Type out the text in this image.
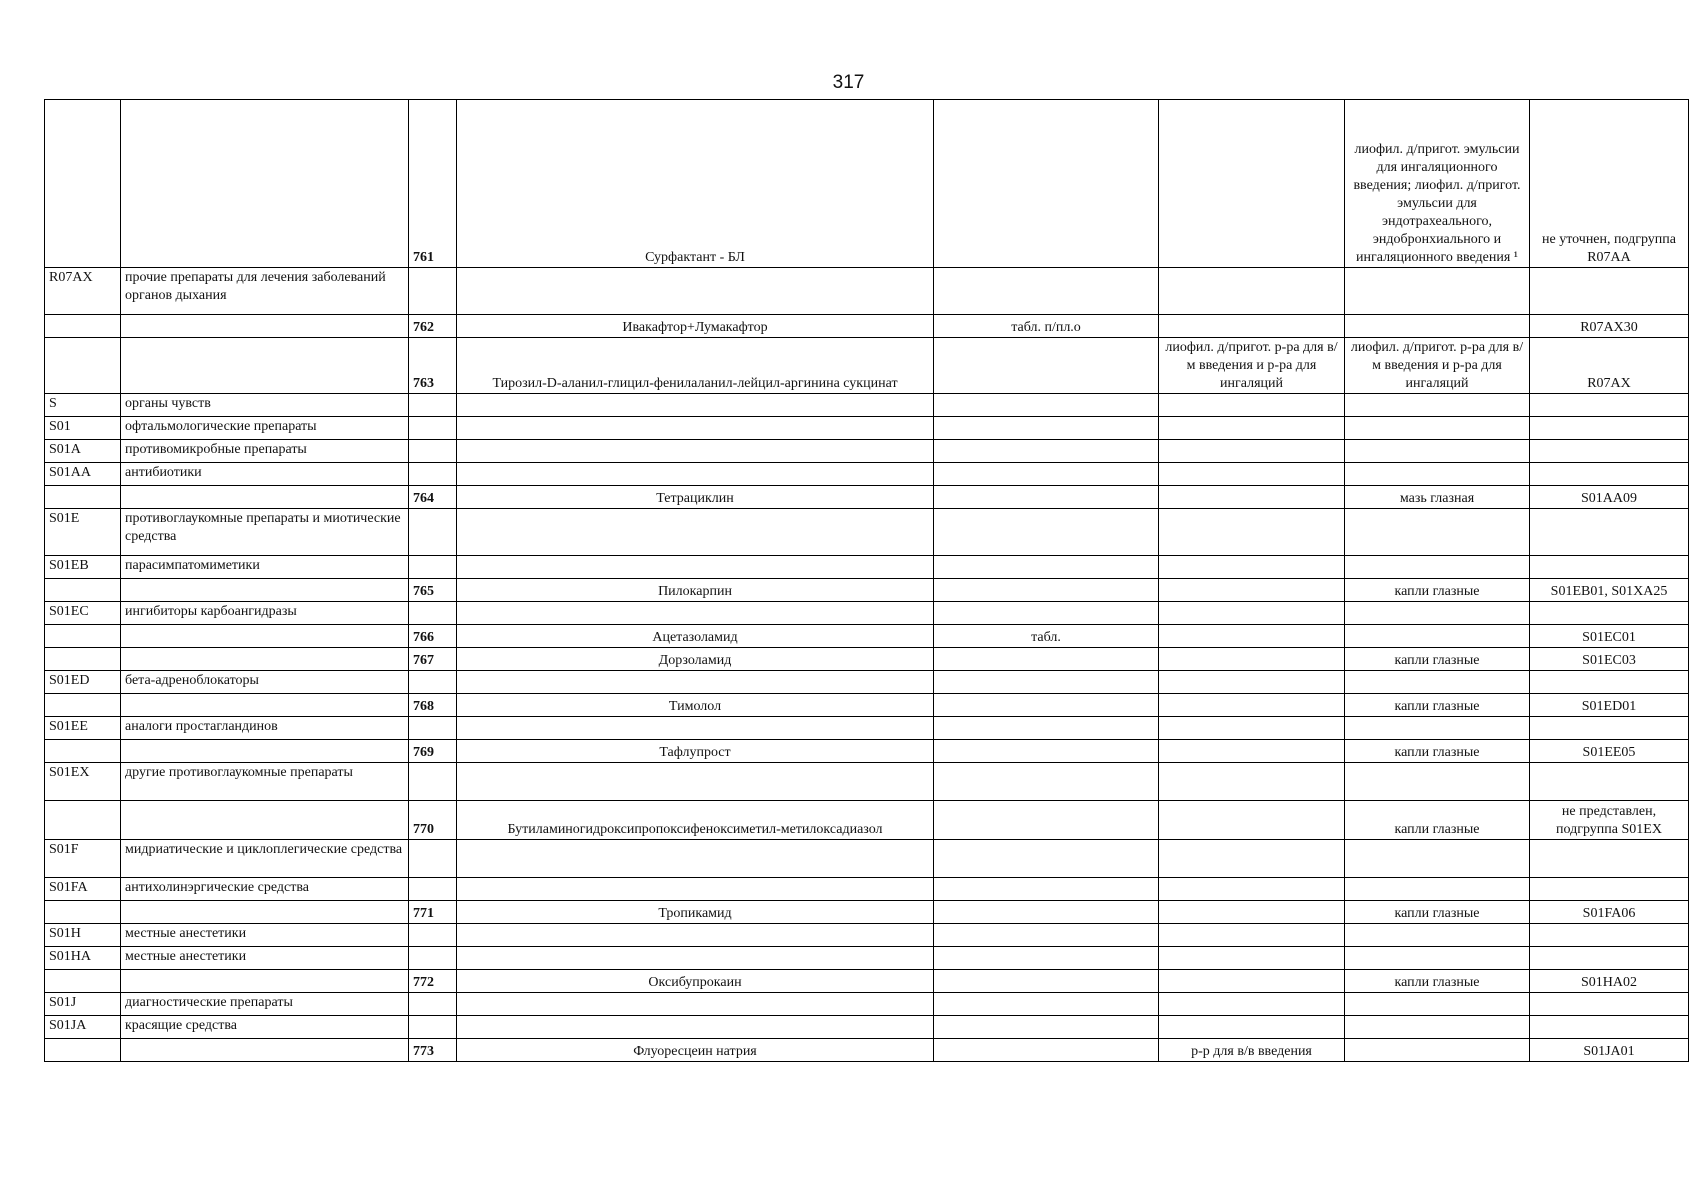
317
		761	Сурфактант - БЛ			лиофил. д/пригот. эмульсии для ингаляционного введения; лиофил. д/пригот. эмульсии для эндотрахеального, эндобронхиального и ингаляционного введения ¹	не уточнен, подгруппа R07AA
R07AX	прочие препараты для лечения заболеваний органов дыхания						
		762	Ивакафтор+Лумакафтор	табл. п/пл.о			R07AX30
		763	Тирозил-D-аланил-глицил-фенилаланил-лейцил-аргинина сукцинат		лиофил. д/пригот. р-ра для в/м введения и р-ра для ингаляций	лиофил. д/пригот. р-ра для в/м введения и р-ра для ингаляций	R07AX
S	органы чувств						
S01	офтальмологические препараты						
S01A	противомикробные препараты						
S01AA	антибиотики						
		764	Тетрациклин			мазь глазная	S01AA09
S01E	противоглаукомные препараты и миотические средства						
S01EB	парасимпатомиметики						
		765	Пилокарпин			капли глазные	S01EB01, S01XA25
S01EC	ингибиторы карбоангидразы						
		766	Ацетазоламид	табл.			S01EC01
		767	Дорзоламид			капли глазные	S01EC03
S01ED	бета-адреноблокаторы						
		768	Тимолол			капли глазные	S01ED01
S01EE	аналоги простагландинов						
		769	Тафлупрост			капли глазные	S01EE05
S01EX	другие противоглаукомные препараты						
		770	Бутиламиногидроксипропоксифеноксиметил-метилоксадиазол			капли глазные	не представлен, подгруппа S01EX
S01F	мидриатические и циклоплегические средства						
S01FA	антихолинэргические средства						
		771	Тропикамид			капли глазные	S01FA06
S01H	местные анестетики						
S01HA	местные анестетики						
		772	Оксибупрокаин			капли глазные	S01HA02
S01J	диагностические препараты						
S01JA	красящие средства						
		773	Флуоресцеин натрия		р-р для в/в введения		S01JA01
